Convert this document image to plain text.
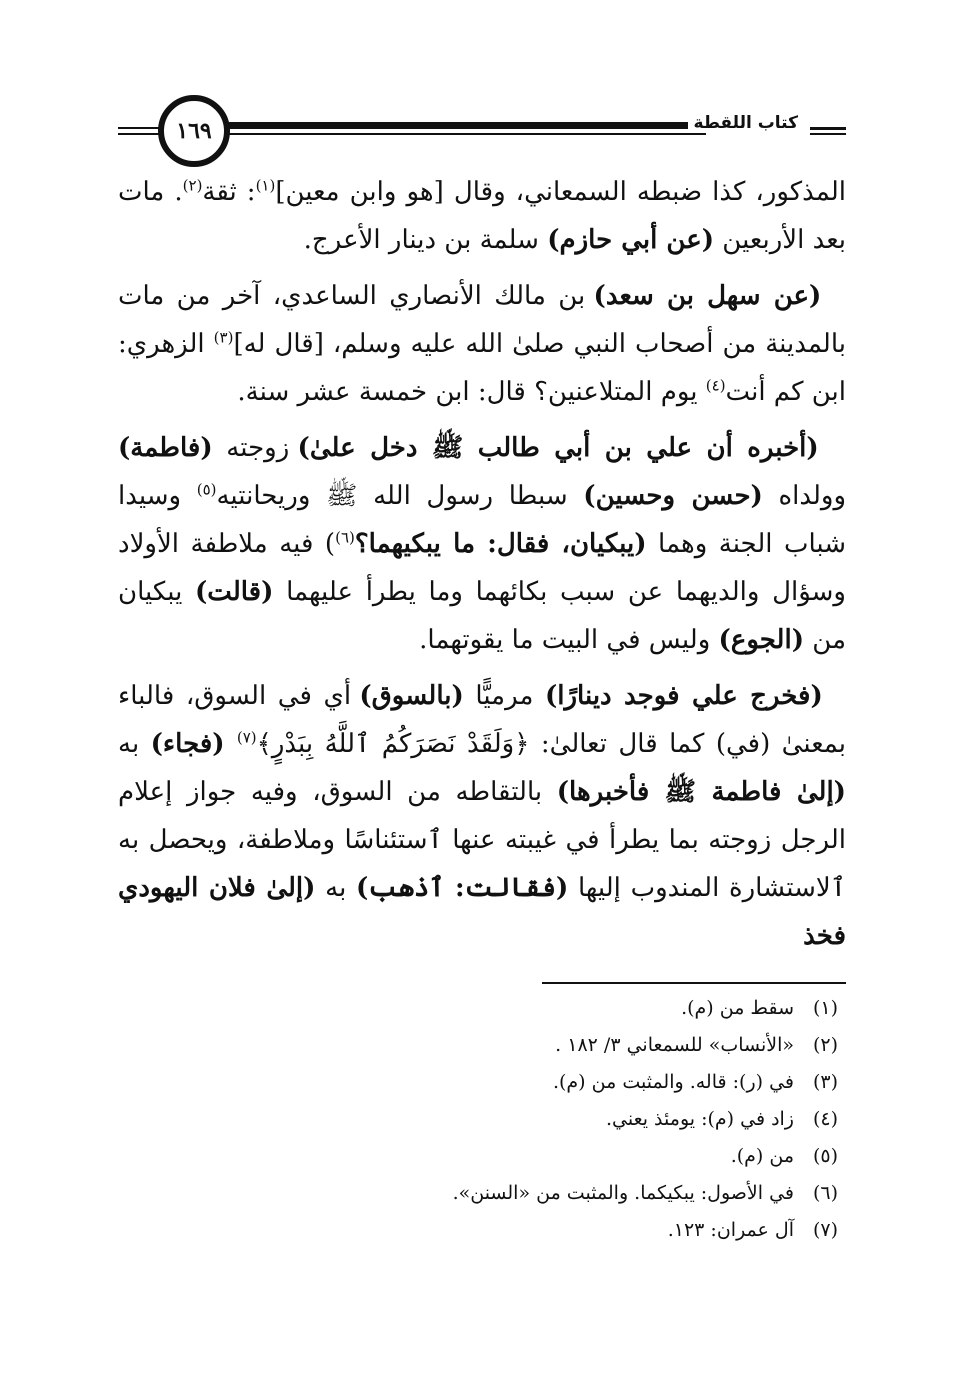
١٦٩	كتاب اللقطة

المذكور، كذا ضبطه السمعاني، وقال [هو وابن معين]$^{(١)}$: ثقة$^{(٢)}$. مات بعد الأربعين (عن أبي حازم) سلمة بن دينار الأعرج.

(عن سهل بن سعد) بن مالك الأنصاري الساعدي، آخر من مات بالمدينة من أصحاب النبي صلىٰ الله عليه وسلم، [قال له]$^{(٣)}$ الزهري: ابن كم أنت$^{(٤)}$ يوم المتلاعنين؟ قال: ابن خمسة عشر سنة.

(أخبره أن علي بن أبي طالب ﷺ دخل علىٰ) زوجته (فاطمة) وولداه (حسن وحسين) سبطا رسول الله ﷺ وريحانتيه$^{(٥)}$ وسيدا شباب الجنة وهما (يبكيان، فقال: ما يبكيهما؟$^{(٦)}$) فيه ملاطفة الأولاد وسؤال والديهما عن سبب بكائهما وما يطرأ عليهما (قالت) يبكيان من (الجوع) وليس في البيت ما يقوتهما.

(فخرج علي فوجد دينارًا) مرميًّا (بالسوق) أي في السوق، فالباء بمعنىٰ (في) كما قال تعالىٰ: ﴿وَلَقَدْ نَصَرَكُمُ ٱللَّهُ بِبَدْرٍ﴾$^{(٧)}$ (فجاء) به (إلىٰ فاطمة ﷺ فأخبرها) بالتقاطه من السوق، وفيه جواز إعلام الرجل زوجته بما يطرأ في غيبته عنها ٱستئناسًا وملاطفة، ويحصل به ٱلاستشارة المندوب إليها (فقالت: ٱذهب) به (إلىٰ فلان اليهودي فخذ

(١)
سقط من (م).
(٢)
«الأنساب» للسمعاني ٣/ ١٨٢ .
(٣)
في (ر): قاله. والمثبت من (م).
(٤)
زاد في (م): يومئذ يعني.
(٥)
من (م).
(٦)
في الأصول: يبكيكما. والمثبت من «السنن».
(٧)
آل عمران: ١٢٣.
